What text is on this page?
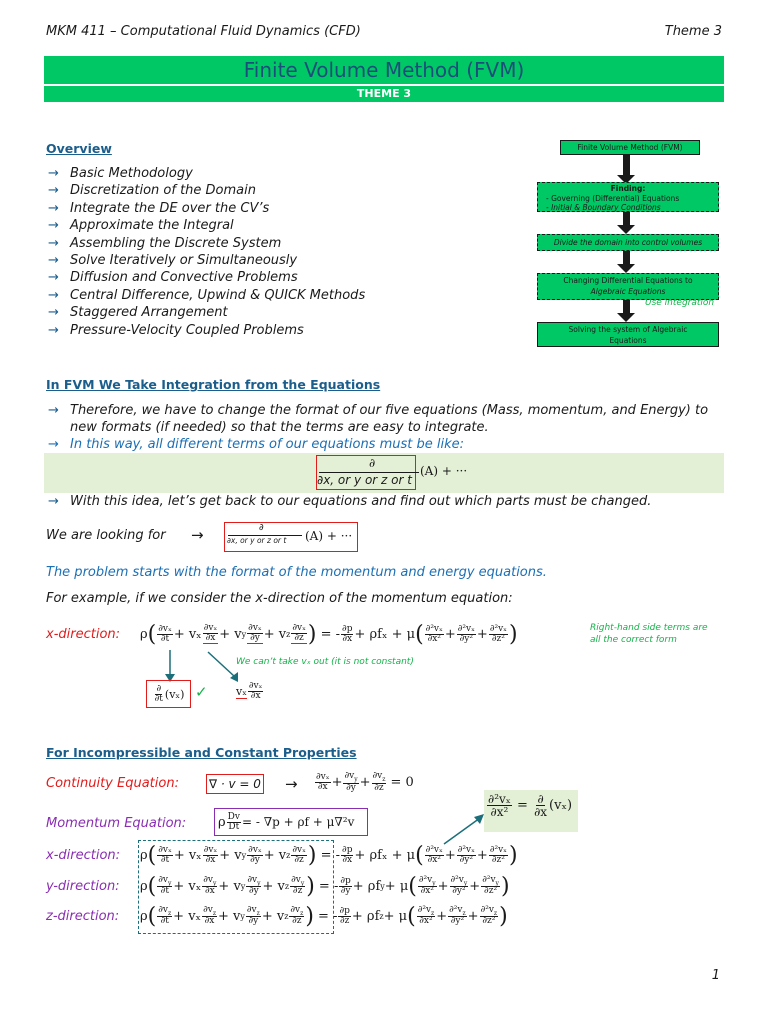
MKM 411 – Computational Fluid Dynamics (CFD)	Theme 3
Finite Volume Method (FVM)
THEME 3
Overview
→ Basic Methodology
→ Discretization of the Domain
→ Integrate the DE over the CV’s
→ Approximate the Integral
→ Assembling the Discrete System
→ Solve Iteratively or Simultaneously
→ Diffusion and Convective Problems
→ Central Difference, Upwind & QUICK Methods
→ Staggered Arrangement
→ Pressure-Velocity Coupled Problems
Finite Volume Method (FVM)
Finding:
- Governing (Differential) Equations
- Initial & Boundary Conditions
Divide the domain into control volumes
Changing Differential Equations to
Algebraic Equations
Use integration
Solving the system of Algebraic
Equations
In FVM We Take Integration from the Equations
→ Therefore, we have to change the format of our five equations (Mass, momentum, and Energy) to new formats (if needed) so that the terms are easy to integrate.
→ In this way, all different terms of our equations must be like:
∂
∂x, or y or z or t
(A) + ···
→ With this idea, let’s get back to our equations and find out which parts must be changed.
We are looking for →	∂
∂x, or y or z or t (A) + ···
The problem starts with the format of the momentum and energy equations.
For example, if we consider the x-direction of the momentum equation:
x-direction: ρ ( $\frac{\text{∂vₓ}}{\partial t} + v_x \frac{\text{∂vₓ}}{\partial x} + v$ y $\frac{\text{∂vₓ}}{\partial y} + v$ z $\frac{\text{∂vₓ}}{\partial z}$ ) = - $\frac{\partial p}{\partial x} + \rho f_x + \mu$ ( $\frac{\text{∂²vₓ}}{\text{∂x²}} + \frac{\text{∂²vₓ}}{\text{∂y²}} + \frac{\text{∂²vₓ}}{\text{∂z²}}$ )	Right-hand side terms are
all the correct form
We can’t take vₓ out (it is not constant)
$\frac{\partial}{\partial t} (v_x)$ ✓	vₓ $\frac{\text{∂vₓ}}{\partial x}$
For Incompressible and Constant Properties
Continuity Equation:	∇ · $v = 0 \to \frac{\text{∂vₓ}}{\partial x} + \frac{\partial v_y}{\partial y} + \frac{\partial v_z}{\partial z} = 0$
$\frac{\text{∂²vₓ}}{\text{∂x²}} = \frac{\partial}{\partial x} (v_x)$
Momentum Equation:	ρ $\frac{Dv}{Dt}$ = - ∇p + ρf + μ∇²v
x-direction: ρ ( $\frac{\text{∂vₓ}}{\partial t} + v_x \frac{\text{∂vₓ}}{\partial x} + v$ y $\frac{\text{∂vₓ}}{\partial y} + v$ z $\frac{\text{∂vₓ}}{\partial z}$ ) = - $\frac{\partial p}{\partial x} + \rho f_x + \mu$ ( $\frac{\text{∂²vₓ}}{\text{∂x²}} + \frac{\text{∂²vₓ}}{\text{∂y²}} + \frac{\text{∂²vₓ}}{\text{∂z²}}$ )
y-direction: ρ ( $\frac{\partial v_y}{\partial t} + v_x \frac{\partial v_y}{\partial x} + v$ y $\frac{\partial v_y}{\partial y} + v$ z $\frac{\partial v_y}{\partial z}$ ) = - $\frac{\partial p}{\partial y} + \rho f$ y + μ ( $\frac{\partial^2v_y}{\text{∂x²}} + \frac{\partial^2v_y}{\text{∂y²}} + \frac{\partial^2v_y}{\text{∂z²}}$ )
z-direction: ρ ( $\frac{\partial v_z}{\partial t} + v_x \frac{\partial v_z}{\partial x} + v$ y $\frac{\partial v_z}{\partial y} + v$ z $\frac{\partial v_z}{\partial z}$ ) = - $\frac{\partial p}{\partial z} + \rho f$ z + μ ( $\frac{\partial^2v_z}{\text{∂x²}} + \frac{\partial^2v_z}{\text{∂y²}} + \frac{\partial^2v_z}{\text{∂z²}}$ )
1
